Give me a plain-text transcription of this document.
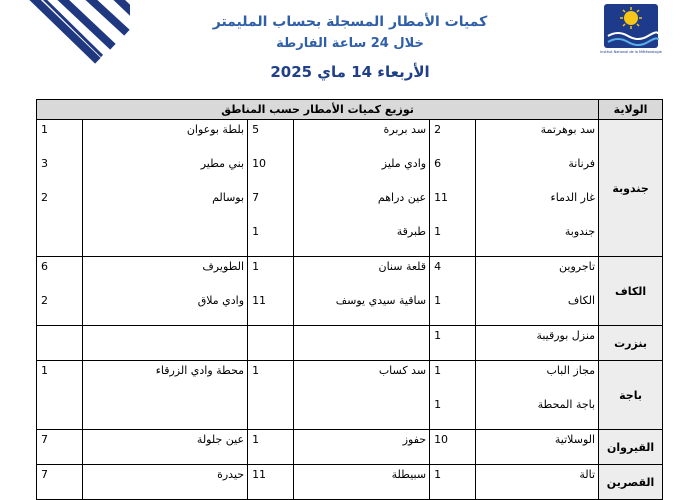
Institut National de la Météorologie
كميات الأمطار المسجلة بحساب المليمتر
خلال 24 ساعة الفارطة
الأربعاء 14 ماي 2025
الولاية	توزيع كميات الأمطار حسب المناطق					
جندوبة	سد بوهرتمة	2	سد بربرة	5	بلطة بوعوان	1
	فرنانة	6	وادي مليز	10	بني مطير	3
	غار الدماء	11	عين دراهم	7	بوسالم	2
	جندوبة	1	طبرقة	1		
الكاف	تاجروين	4	قلعة سنان	1	الطويرف	6
	الكاف	1	ساقية سيدي يوسف	11	وادي ملاق	2
بنزرت	منزل بورقيبة	1				
باجة	مجاز الباب	1	سد كساب	1	محطة وادي الزرقاء	1
	باجة المحطة	1				
القيروان	الوسلاتية	10	حفوز	1	عين جلولة	7
القصرين	تالة	1	سبيطلة	11	حيدرة	7
